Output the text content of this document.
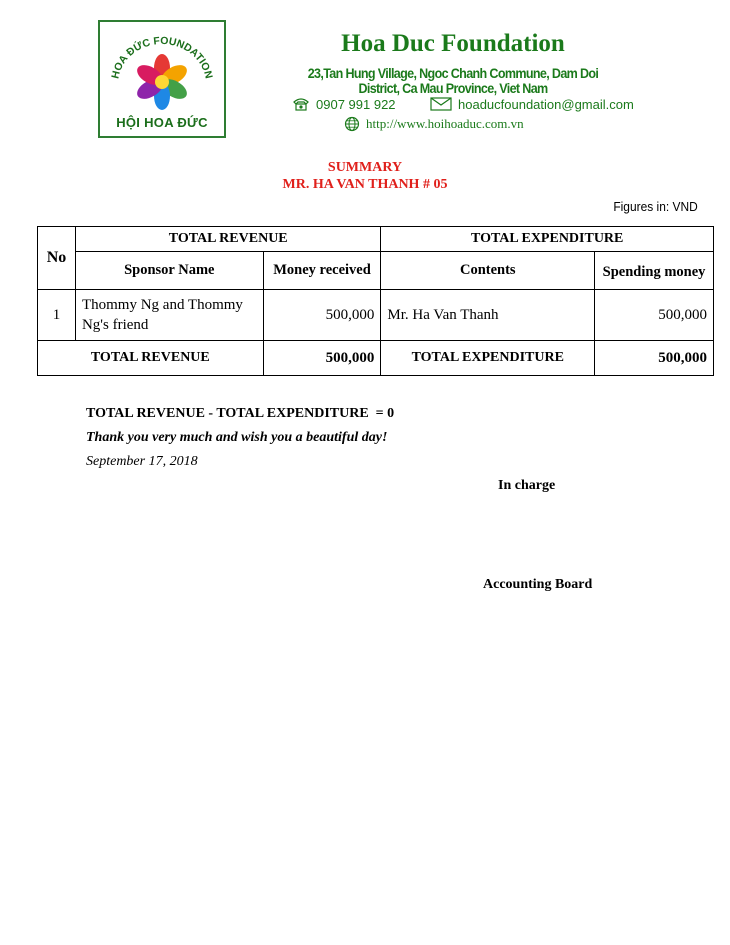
HOA ĐỨC FOUNDATION
HỘI HOA ĐỨC
Hoa Duc Foundation
23,Tan Hung Village, Ngoc Chanh Commune, Dam Doi District, Ca Mau Province, Viet Nam
0907 991 922	hoaducfoundation@gmail.com
http://www.hoihoaduc.com.vn
SUMMARY
MR. HA VAN THANH # 05
Figures in: VND
No	TOTAL REVENUE		TOTAL EXPENDITURE	
	Sponsor Name	Money received	Contents	Spending money
1	Thommy Ng and Thommy Ng's friend	500,000	Mr. Ha Van Thanh	500,000
TOTAL REVENUE		500,000	TOTAL EXPENDITURE	500,000
TOTAL REVENUE - TOTAL EXPENDITURE  = 0
Thank you very much and wish you a beautiful day!
September 17, 2018
In charge
Accounting Board
